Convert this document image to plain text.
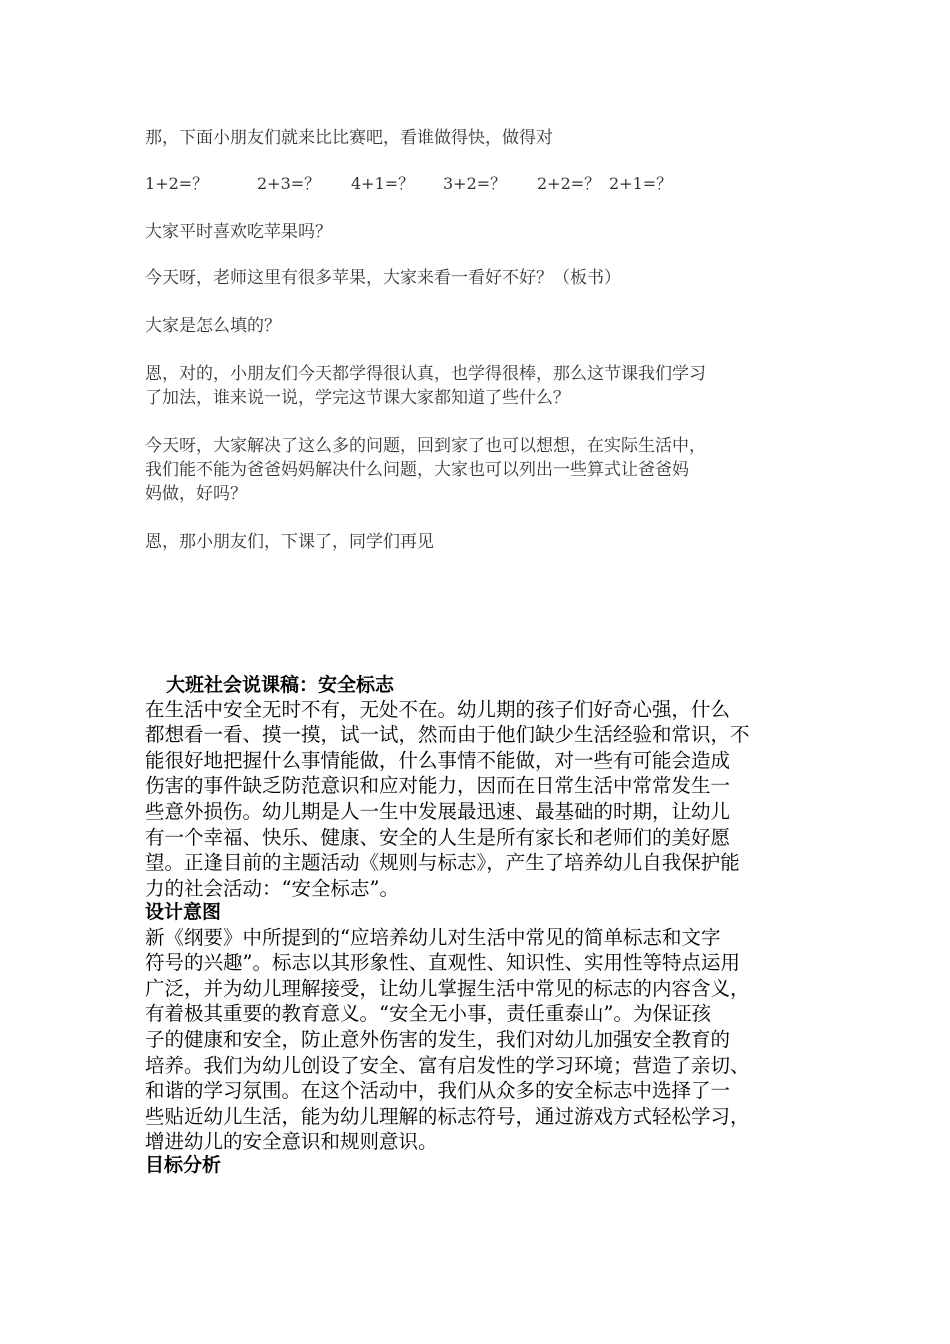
那，下面小朋友们就来比比赛吧，看谁做得快，做得对

1+2=？	2+3=？ 4+1=？ 3+2=？ 2+2=？ 2+1=？

大家平时喜欢吃苹果吗？

今天呀，老师这里有很多苹果，大家来看一看好不好？（板书）

大家是怎么填的？

恩，对的，小朋友们今天都学得很认真，也学得很棒，那么这节课我们学习

了加法，谁来说一说，学完这节课大家都知道了些什么？

今天呀，大家解决了这么多的问题，回到家了也可以想想，在实际生活中，

我们能不能为爸爸妈妈解决什么问题，大家也可以列出一些算式让爸爸妈

妈做，好吗？

恩，那小朋友们，下课了，同学们再见

大班社会说课稿：安全标志

在生活中安全无时不有，无处不在。幼儿期的孩子们好奇心强，什么

都想看一看、摸一摸，试一试，然而由于他们缺少生活经验和常识，不

能很好地把握什么事情能做，什么事情不能做，对一些有可能会造成

伤害的事件缺乏防范意识和应对能力，因而在日常生活中常常发生一

些意外损伤。幼儿期是人一生中发展最迅速、最基础的时期，让幼儿

有一个幸福、快乐、健康、安全的人生是所有家长和老师们的美好愿

望。正逢目前的主题活动《规则与标志》，产生了培养幼儿自我保护能

力的社会活动：“安全标志”。

设计意图

新《纲要》中所提到的“应培养幼儿对生活中常见的简单标志和文字

符号的兴趣”。标志以其形象性、直观性、知识性、实用性等特点运用

广泛，并为幼儿理解接受，让幼儿掌握生活中常见的标志的内容含义，

有着极其重要的教育意义。“安全无小事，责任重泰山”。为保证孩

子的健康和安全，防止意外伤害的发生，我们对幼儿加强安全教育的

培养。我们为幼儿创设了安全、富有启发性的学习环境；营造了亲切、

和谐的学习氛围。在这个活动中，我们从众多的安全标志中选择了一

些贴近幼儿生活，能为幼儿理解的标志符号，通过游戏方式轻松学习，

增进幼儿的安全意识和规则意识。

目标分析
